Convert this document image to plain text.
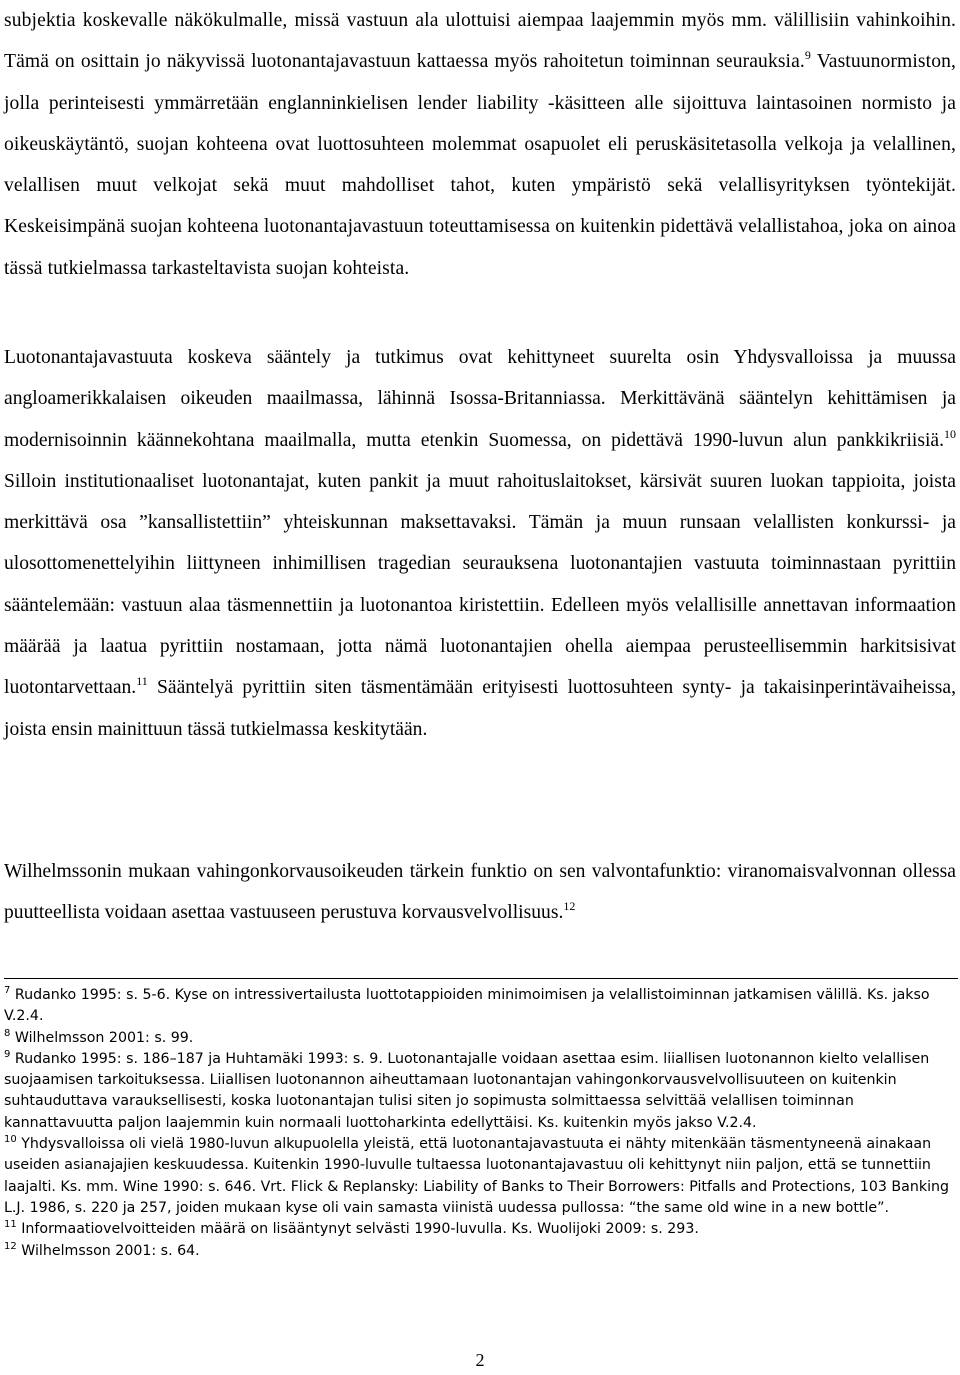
subjektia koskevalle näkökulmalle, missä vastuun ala ulottuisi aiempaa laajemmin myös mm. välillisiin vahinkoihin. Tämä on osittain jo näkyvissä luotonantajavastuun kattaessa myös rahoitetun toiminnan seurauksia.$^9$ Vastuunormiston, jolla perinteisesti ymmärretään englanninkielisen lender liability -käsitteen alle sijoittuva laintasoinen normisto ja oikeuskäytäntö, suojan kohteena ovat luottosuhteen molemmat osapuolet eli peruskäsitetasolla velkoja ja velallinen, velallisen muut velkojat sekä muut mahdolliset tahot, kuten ympäristö sekä velallisyrityksen työntekijät. Keskeisimpänä suojan kohteena luotonantajavastuun toteuttamisessa on kuitenkin pidettävä velallistahoa, joka on ainoa tässä tutkielmassa tarkasteltavista suojan kohteista.

Luotonantajavastuuta koskeva sääntely ja tutkimus ovat kehittyneet suurelta osin Yhdysvalloissa ja muussa angloamerikkalaisen oikeuden maailmassa, lähinnä Isossa-Britanniassa. Merkittävänä sääntelyn kehittämisen ja modernisoinnin käännekohtana maailmalla, mutta etenkin Suomessa, on pidettävä 1990-luvun alun pankkikriisiä.$^{10}$ Silloin institutionaaliset luotonantajat, kuten pankit ja muut rahoituslaitokset, kärsivät suuren luokan tappioita, joista merkittävä osa ”kansallistettiin” yhteiskunnan maksettavaksi. Tämän ja muun runsaan velallisten konkurssi- ja ulosottomenettelyihin liittyneen inhimillisen tragedian seurauksena luotonantajien vastuuta toiminnastaan pyrittiin sääntelemään: vastuun alaa täsmennettiin ja luotonantoa kiristettiin. Edelleen myös velallisille annettavan informaation määrää ja laatua pyrittiin nostamaan, jotta nämä luotonantajien ohella aiempaa perusteellisemmin harkitsisivat luotontarvettaan.$^{11}$ Sääntelyä pyrittiin siten täsmentämään erityisesti luottosuhteen synty- ja takaisinperintävaiheissa, joista ensin mainittuun tässä tutkielmassa keskitytään.

Wilhelmssonin mukaan vahingonkorvausoikeuden tärkein funktio on sen valvontafunktio: viranomaisvalvonnan ollessa puutteellista voidaan asettaa vastuuseen perustuva korvausvelvollisuus.$^{12}$

$^7$ Rudanko 1995: s. 5-6. Kyse on intressivertailusta luottotappioiden minimoimisen ja velallistoiminnan jatkamisen välillä. Ks. jakso V.2.4.

$^8$ Wilhelmsson 2001: s. 99.

$^9$ Rudanko 1995: s. 186–187 ja Huhtamäki 1993: s. 9. Luotonantajalle voidaan asettaa esim. liiallisen luotonannon kielto velallisen suojaamisen tarkoituksessa. Liiallisen luotonannon aiheuttamaan luotonantajan vahingonkorvausvelvollisuuteen on kuitenkin suhtauduttava varauksellisesti, koska luotonantajan tulisi siten jo sopimusta solmittaessa selvittää velallisen toiminnan kannattavuutta paljon laajemmin kuin normaali luottoharkinta edellyttäisi. Ks. kuitenkin myös jakso V.2.4.

$^{10}$ Yhdysvalloissa oli vielä 1980-luvun alkupuolella yleistä, että luotonantajavastuuta ei nähty mitenkään täsmentyneenä ainakaan useiden asianajajien keskuudessa. Kuitenkin 1990-luvulle tultaessa luotonantajavastuu oli kehittynyt niin paljon, että se tunnettiin laajalti. Ks. mm. Wine 1990: s. 646. Vrt. Flick & Replansky: Liability of Banks to Their Borrowers: Pitfalls and Protections, 103 Banking L.J. 1986, s. 220 ja 257, joiden mukaan kyse oli vain samasta viinistä uudessa pullossa: “the same old wine in a new bottle”.

$^{11}$ Informaatiovelvoitteiden määrä on lisääntynyt selvästi 1990-luvulla. Ks. Wuolijoki 2009: s. 293.

$^{12}$ Wilhelmsson 2001: s. 64.

2
